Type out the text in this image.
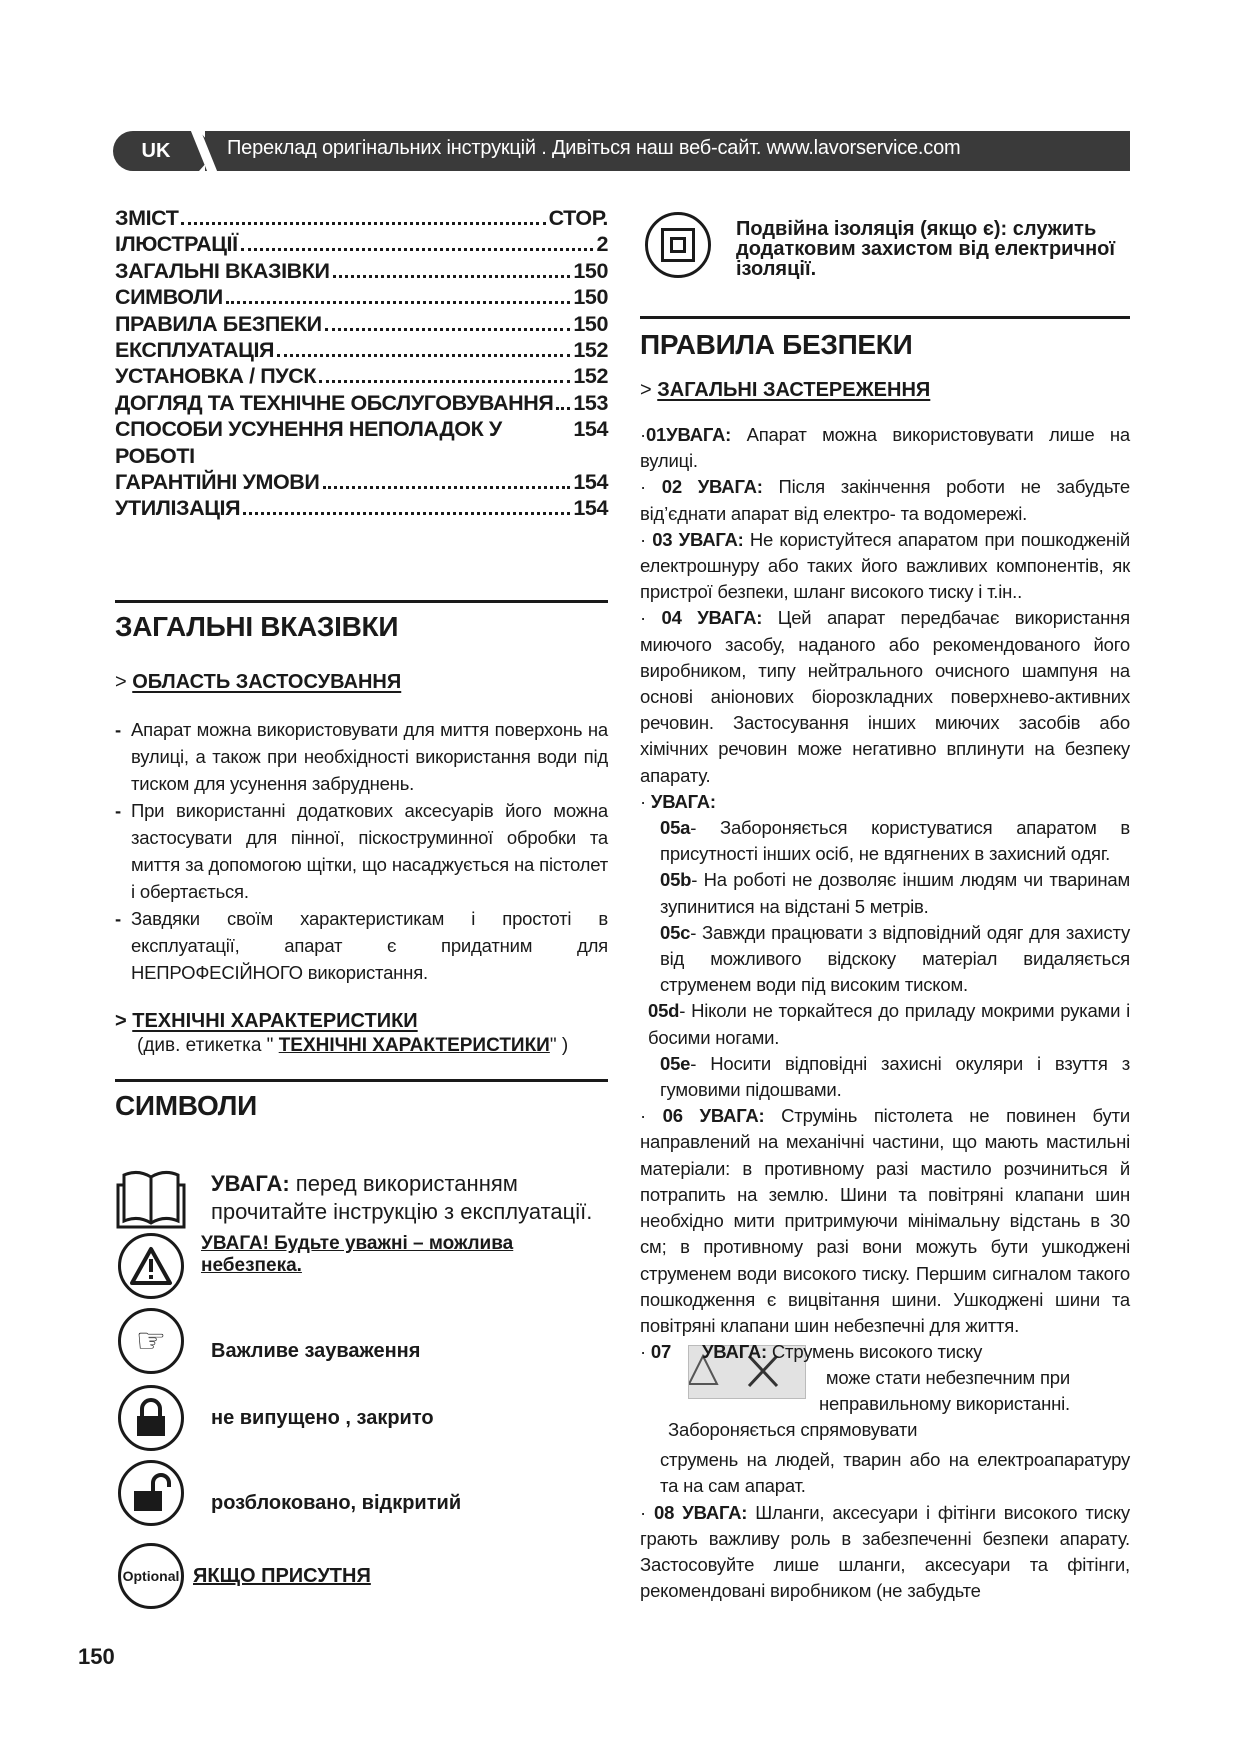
UK	Переклад оригінальних інструкцій . Дивіться наш веб-сайт. www.lavorservice.com
ЗМІСТ	СТОР.
ІЛЮСТРАЦІЇ	2
ЗАГАЛЬНІ ВКАЗІВКИ	150
СИМВОЛИ	150
ПРАВИЛА БЕЗПЕКИ	150
ЕКСПЛУАТАЦІЯ	152
УСТАНОВКА / ПУСК	152
ДОГЛЯД ТА ТЕХНІЧНЕ ОБСЛУГОВУВАННЯ 153
СПОСОБИ УСУНЕННЯ НЕПОЛАДОК У РОБОТІ
154
ГАРАНТІЙНІ УМОВИ	154
УТИЛІЗАЦІЯ	154
ЗАГАЛЬНІ ВКАЗІВКИ
> ОБЛАСТЬ ЗАСТОСУВАННЯ
- Апарат можна використовувати для миття поверхонь на вулиці, а також при необхідності використання води під тиском для усунення забруднень.
- При використанні додаткових аксесуарів його можна застосувати для пінної, піскоструминної обробки та миття за допомогою щітки, що насаджується на пістолет і обертається.
- Завдяки своїм характеристикам і простоті в експлуатації, апарат є придатним для НЕПРОФЕСІЙНОГО використання.
> ТЕХНІЧНІ ХАРАКТЕРИСТИКИ
(див. етикетка " ТЕХНІЧНІ ХАРАКТЕРИСТИКИ" )
СИМВОЛИ
УВАГА: перед використанням прочитайте інструкцію з експлуатації.
УВАГА! Будьте уважні – можлива небезпека.
☞	Важливе зауваження
не випущено , закрито
розблоковано, відкритий
Optional ЯКЩО ПРИСУТНЯ
Подвійна ізоляція (якщо є): служить додатковим захистом від електричної ізоляції.
ПРАВИЛА БЕЗПЕКИ
> ЗАГАЛЬНІ ЗАСТЕРЕЖЕННЯ
·01УВАГА: Апарат можна використовувати лише на вулиці.
· 02 УВАГА: Після закінчення роботи не забудьте від’єднати апарат від електро- та водомережі.
· 03 УВАГА: Не користуйтеся апаратом при пошкодженій електрошнуру або таких його важливих компонентів, як пристрої безпеки, шланг високого тиску і т.ін..
· 04 УВАГА: Цей апарат передбачає використання миючого засобу, наданого або рекомендованого його виробником, типу нейтрального очисного шампуня на основі аніонових біорозкладних поверхнево-активних речовин. Застосування інших миючих засобів або хімічних речовин може негативно вплинути на безпеку апарату.
· УВАГА:
05a- Забороняється користуватися апаратом в присутності інших осіб, не вдягнених в захисний одяг.
05b- На роботі не дозволяє іншим людям чи тваринам зупинитися на відстані 5 метрів.
05c- Завжди працювати з відповідний одяг для захисту від можливого відскоку матеріал видаляється струменем води під високим тиском.
05d- Ніколи не торкайтеся до приладу мокрими руками і босими ногами.
05e- Носити відповідні захисні окуляри і взуття з гумовими підошвами.
· 06 УВАГА: Струмінь пістолета не повинен бути направлений на механічні частини, що мають мастильні матеріали: в противному разі мастило розчиниться й потрапить на землю. Шини та повітряні клапани шин необхідно мити притримуючи мінімальну відстань в 30 см; в противному разі вони можуть бути ушкоджені струменем води високого тиску. Першим сигналом такого пошкодження є вицвітання шини. Ушкоджені шини та повітряні клапани шин небезпечні для життя.
· 07 УВАГА: Струмень високого тиску
може стати небезпечним при неправильному використанні.
Забороняється спрямовувати
струмень на людей, тварин або на електроапаратуру та на сам апарат.
· 08 УВАГА: Шланги, аксесуари і фітінги високого тиску грають важливу роль в забезпеченні безпеки апарату. Застосовуйте лише шланги, аксесуари та фітінги, рекомендовані виробником (не забудьте
150
